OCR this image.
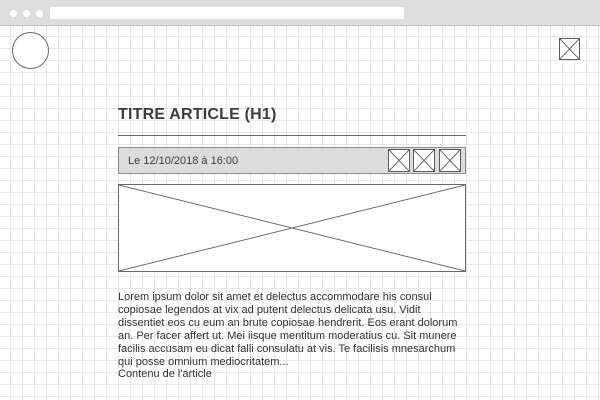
TITRE ARTICLE (H1)
Le 12/10/2018 à 16:00

Lorem ipsum dolor sit amet et delectus accommodare his consul copiosae legendos at vix ad putent delectus delicata usu. Vidit dissentiet eos cu eum an brute copiosae hendrerit. Eos erant dolorum an. Per facer affert ut. Mei iisque mentitum moderatius cu. Sit munere facilis accusam eu dicat falli consulatu at vis. Te facilisis mnesarchum qui posse omnium mediocritatem...

Contenu de l'article
